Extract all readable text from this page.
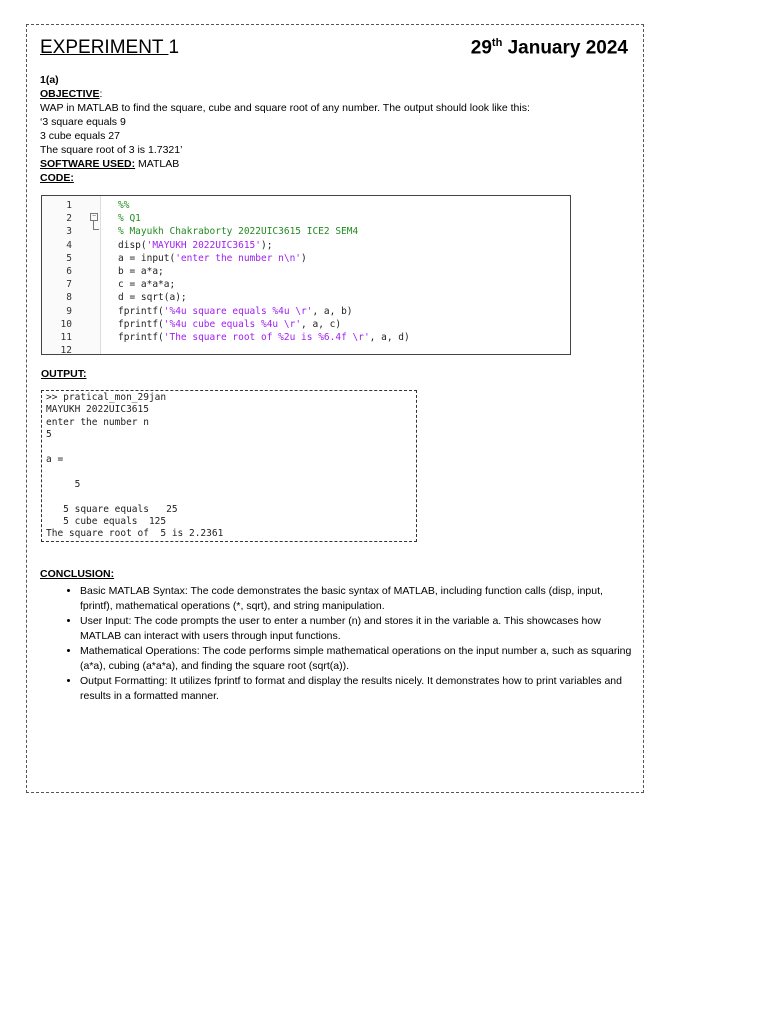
EXPERIMENT 1	29th January 2024

1(a)

OBJECTIVE:

WAP in MATLAB to find the square, cube and square root of any number. The output should look like this:

‘3 square equals 9

3 cube equals 27

The square root of 3 is 1.7321’

SOFTWARE USED: MATLAB

CODE:

−
1	%%
2	% Q1
3	% Mayukh Chakraborty 2022UIC3615 ICE2 SEM4
4	disp('MAYUKH 2022UIC3615');
5	a = input('enter the number n\n')
6	b = a*a;
7	c = a*a*a;
8	d = sqrt(a);
9	fprintf('%4u square equals %4u \r', a, b)
10	fprintf('%4u cube equals %4u \r', a, c)
11	fprintf('The square root of %2u is %6.4f \r', a, d)
12
OUTPUT:
>> pratical_mon_29jan
MAYUKH 2022UIC3615
enter the number n
5
a =
5
5 square equals   25
5 cube equals  125
The square root of  5 is 2.2361
CONCLUSION:
• Basic MATLAB Syntax: The code demonstrates the basic syntax of MATLAB, including function calls (disp, input, fprintf), mathematical operations (*, sqrt), and string manipulation.
• User Input: The code prompts the user to enter a number (n) and stores it in the variable a. This showcases how MATLAB can interact with users through input functions.
• Mathematical Operations: The code performs simple mathematical operations on the input number a, such as squaring (a*a), cubing (a*a*a), and finding the square root (sqrt(a)).
• Output Formatting: It utilizes fprintf to format and display the results nicely. It demonstrates how to print variables and results in a formatted manner.
